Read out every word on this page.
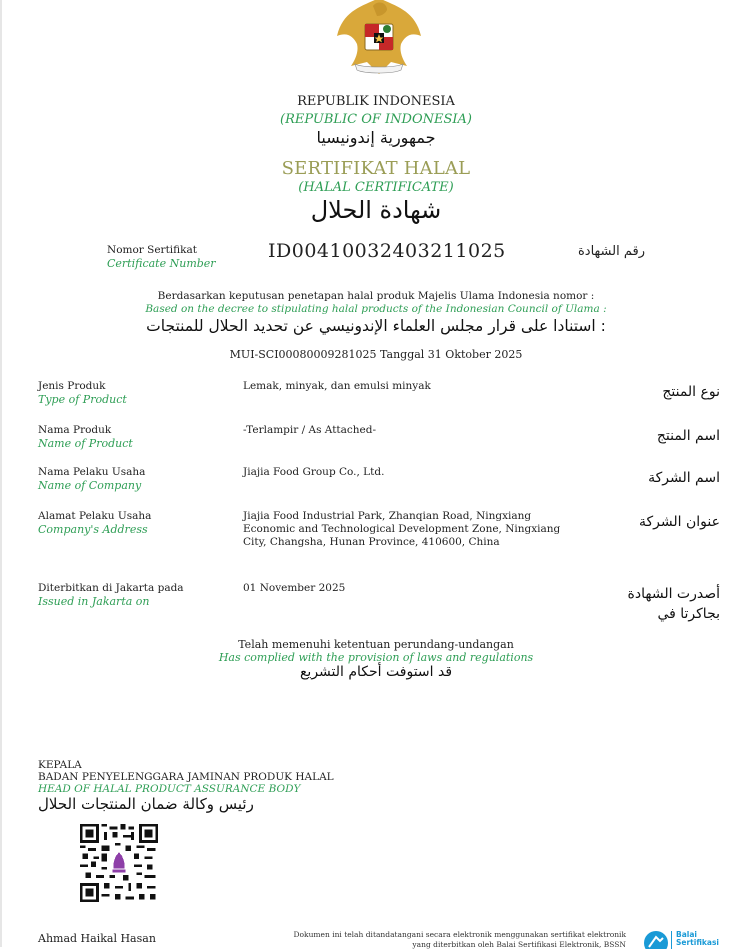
REPUBLIK INDONESIA
(REPUBLIC OF INDONESIA)
جمهورية إندونيسيا
SERTIFIKAT HALAL
(HALAL CERTIFICATE)
شهادة الحلال
Nomor Sertifikat
Certificate Number
ID00410032403211025	رقم الشهادة
Berdasarkan keputusan penetapan halal produk Majelis Ulama Indonesia nomor :
Based on the decree to stipulating halal products of the Indonesian Council of Ulama :
استنادا على قرار مجلس العلماء الإندونيسي عن تحديد الحلال للمنتجات :
MUI-SCI00080009281025 Tanggal 31 Oktober 2025
Jenis Produk
Type of Product
Lemak, minyak, dan emulsi minyak	نوع المنتج
Nama Produk
Name of Product
-Terlampir / As Attached-	اسم المنتج
Nama Pelaku Usaha
Name of Company
Jiajia Food Group Co., Ltd.	اسم الشركة
Alamat Pelaku Usaha
Company's Address
Jiajia Food Industrial Park, Zhanqian Road, Ningxiang Economic and Technological Development Zone, Ningxiang City, Changsha, Hunan Province, 410600, China
عنوان الشركة
Diterbitkan di Jakarta pada
Issued in Jakarta on
01 November 2025	أصدرت الشهادة بجاكرتا في
Telah memenuhi ketentuan perundang-undangan
Has complied with the provision of laws and regulations
قد استوفت أحكام التشريع
KEPALA
BADAN PENYELENGGARA JAMINAN PRODUK HALAL
HEAD OF HALAL PRODUCT ASSURANCE BODY
رئيس وكالة ضمان المنتجات الحلال
Ahmad Haikal Hasan	Dokumen ini telah ditandatangani secara elektronik menggunakan sertifikat elektronik
yang diterbitkan oleh Balai Sertifikasi Elektronik, BSSN
Balai
Sertifikasi
